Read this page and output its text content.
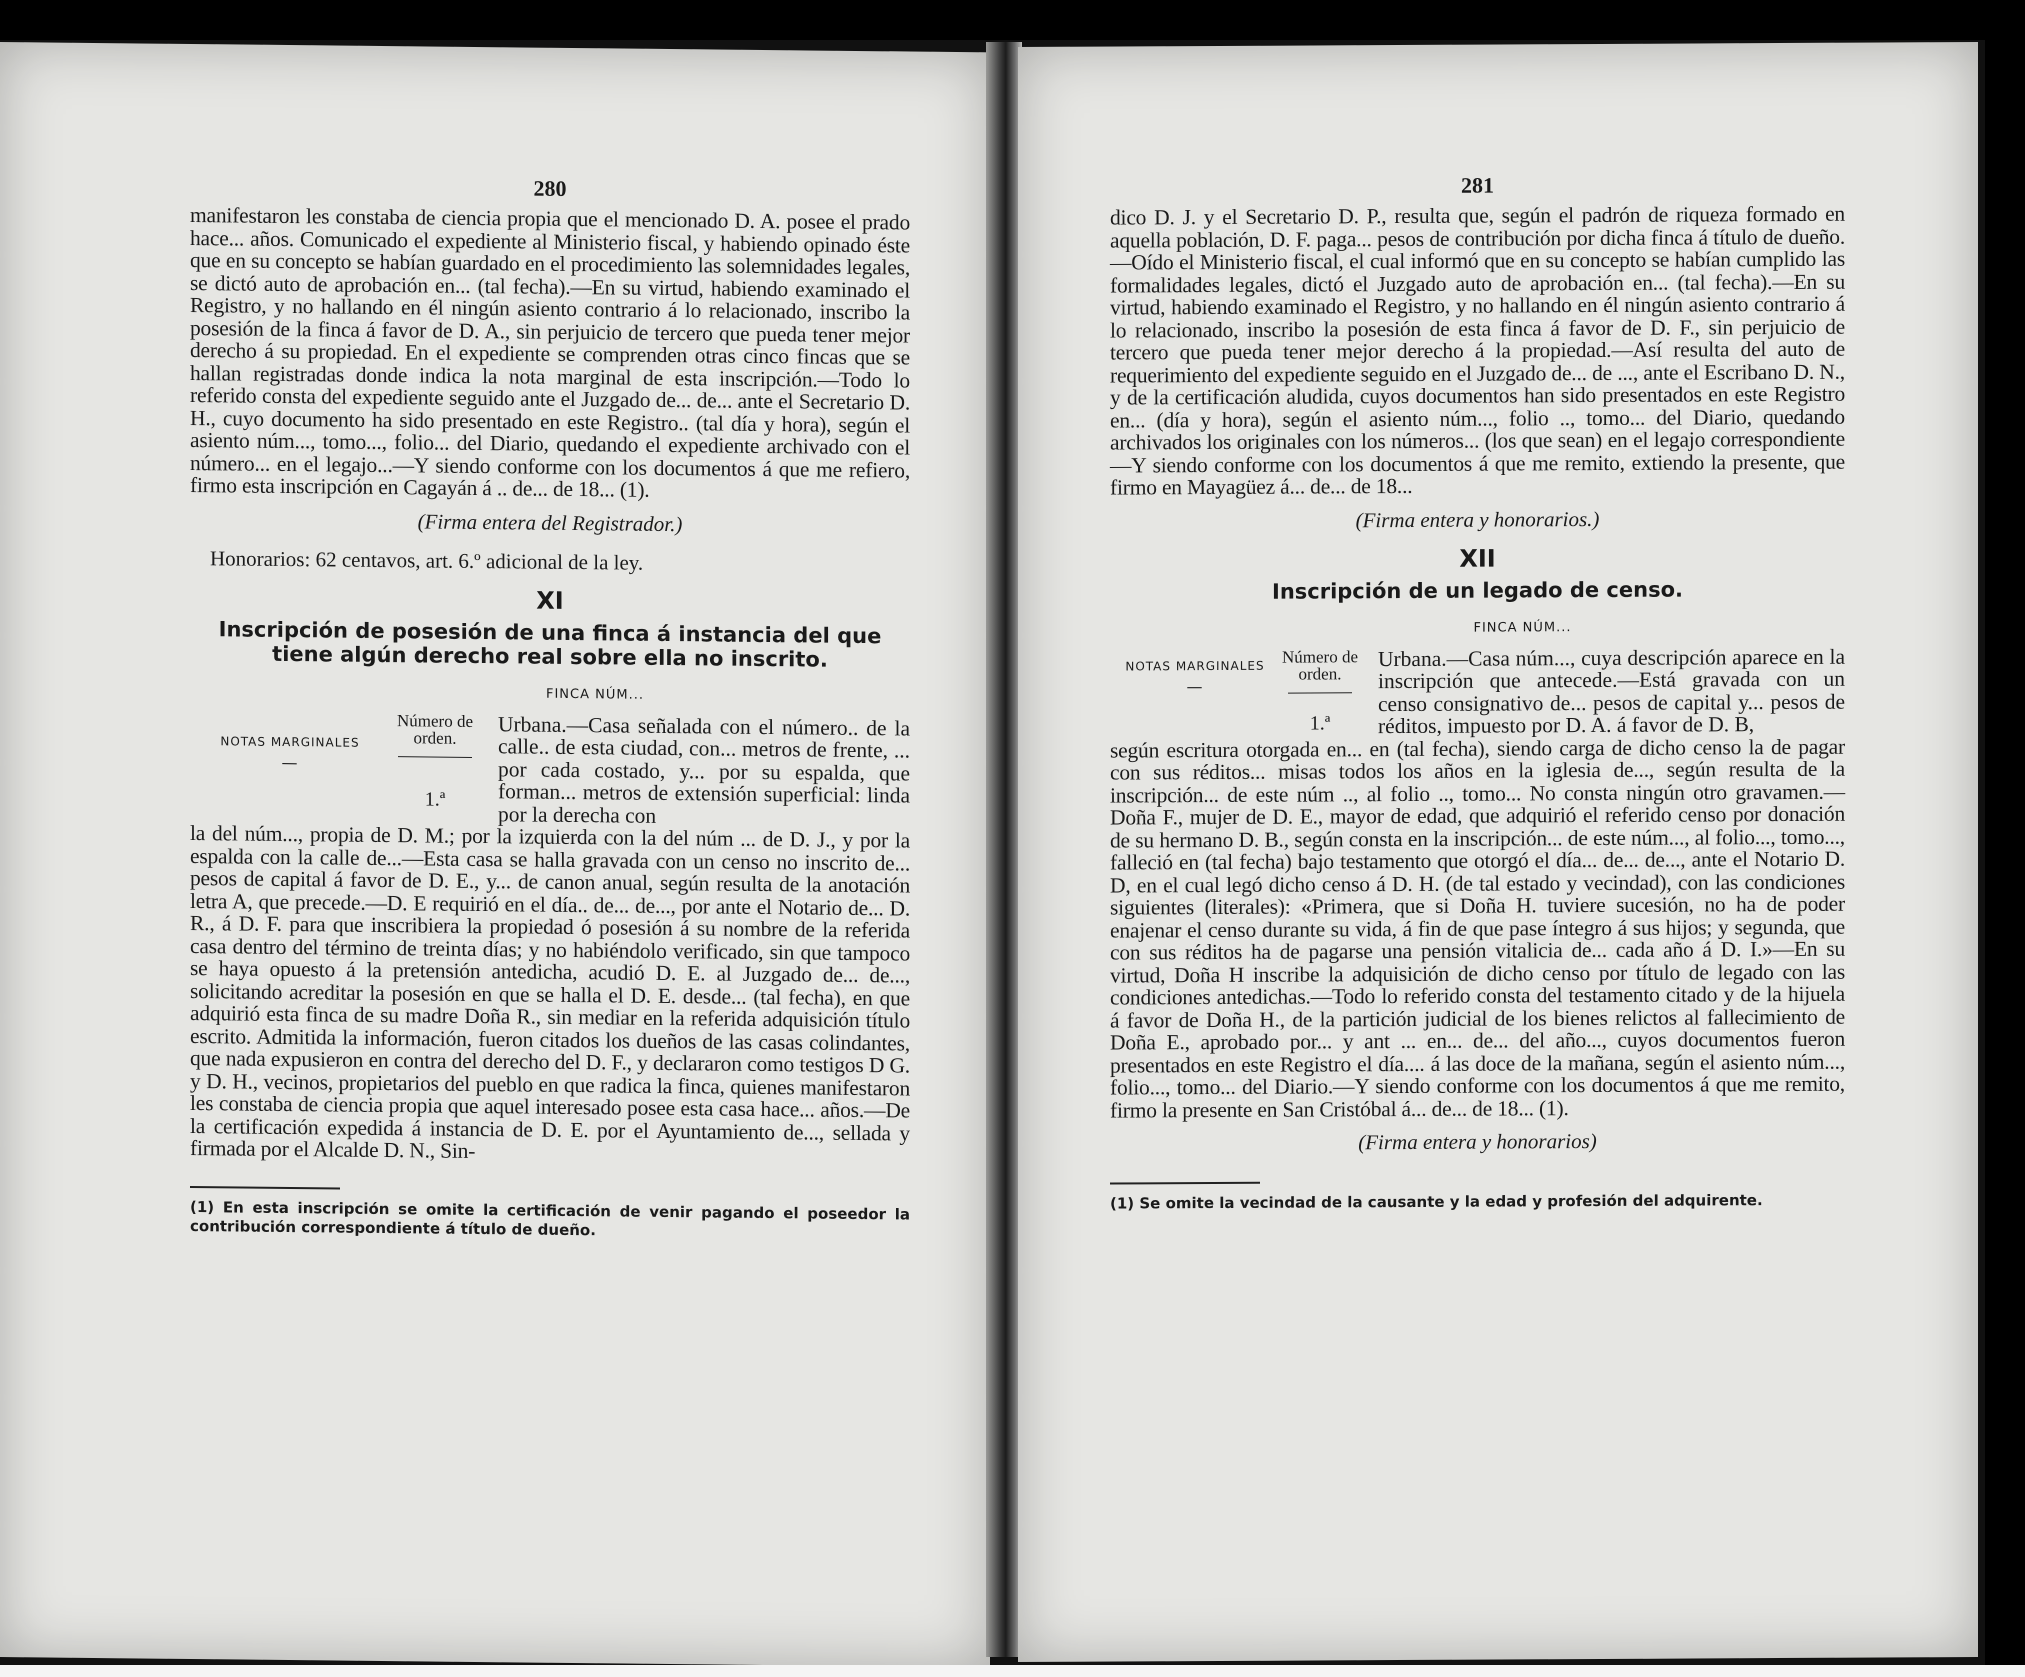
280

manifestaron les constaba de ciencia propia que el mencionado D. A. posee el prado hace... años. Comunicado el expediente al Ministerio fiscal, y habiendo opinado éste que en su concepto se habían guardado en el procedimiento las solemnidades legales, se dictó auto de aprobación en... (tal fecha).—En su virtud, habiendo examinado el Registro, y no hallando en él ningún asiento contrario á lo relacionado, inscribo la posesión de la finca á favor de D. A., sin perjuicio de tercero que pueda tener mejor derecho á su propiedad. En el expediente se comprenden otras cinco fincas que se hallan registradas donde indica la nota marginal de esta inscripción.—Todo lo referido consta del expediente seguido ante el Juzgado de... de... ante el Secretario D. H., cuyo documento ha sido presentado en este Registro.. (tal día y hora), según el asiento núm..., tomo..., folio... del Diario, quedando el expediente archivado con el número... en el legajo...—Y siendo conforme con los documentos á que me refiero, firmo esta inscripción en Cagayán á .. de... de 18... (1).

(Firma entera del Registrador.)
Honorarios: 62 centavos, art. 6.º adicional de la ley.
XI
Inscripción de posesión de una finca á instancia del que tiene algún derecho real sobre ella no inscrito.
FINCA NÚM...
NOTAS MARGINALES
—
Número de orden.
1.ª
Urbana.—Casa señalada con el número.. de la calle.. de esta ciudad, con... metros de frente, ... por cada costado, y... por su espalda, que forman... metros de extensión superficial: linda por la derecha con

la del núm..., propia de D. M.; por la izquierda con la del núm ... de D. J., y por la espalda con la calle de...—Esta casa se halla gravada con un censo no inscrito de... pesos de capital á favor de D. E., y... de canon anual, según resulta de la anotación letra A, que precede.—D. E requirió en el día.. de... de..., por ante el Notario de... D. R., á D. F. para que inscribiera la propiedad ó posesión á su nombre de la referida casa dentro del término de treinta días; y no habiéndolo verificado, sin que tampoco se haya opuesto á la pretensión antedicha, acudió D. E. al Juzgado de... de..., solicitando acreditar la posesión en que se halla el D. E. desde... (tal fecha), en que adquirió esta finca de su madre Doña R., sin mediar en la referida adquisición título escrito. Admitida la información, fueron citados los dueños de las casas colindantes, que nada expusieron en contra del derecho del D. F., y declararon como testigos D G. y D. H., vecinos, propietarios del pueblo en que radica la finca, quienes manifestaron les constaba de ciencia propia que aquel interesado posee esta casa hace... años.—De la certificación expedida á instancia de D. E. por el Ayuntamiento de..., sellada y firmada por el Alcalde D. N., Sin-

(1) En esta inscripción se omite la certificación de venir pagando el poseedor la contribución correspondiente á título de dueño.
281

dico D. J. y el Secretario D. P., resulta que, según el padrón de riqueza formado en aquella población, D. F. paga... pesos de contribución por dicha finca á título de dueño.—Oído el Ministerio fiscal, el cual informó que en su concepto se habían cumplido las formalidades legales, dictó el Juzgado auto de aprobación en... (tal fecha).—En su virtud, habiendo examinado el Registro, y no hallando en él ningún asiento contrario á lo relacionado, inscribo la posesión de esta finca á favor de D. F., sin perjuicio de tercero que pueda tener mejor derecho á la propiedad.—Así resulta del auto de requerimiento del expediente seguido en el Juzgado de... de ..., ante el Escribano D. N., y de la certificación aludida, cuyos documentos han sido presentados en este Registro en... (día y hora), según el asiento núm..., folio .., tomo... del Diario, quedando archivados los originales con los números... (los que sean) en el legajo correspondiente —Y siendo conforme con los documentos á que me remito, extiendo la presente, que firmo en Mayagüez á... de... de 18...

(Firma entera y honorarios.)
XII
Inscripción de un legado de censo.
FINCA NÚM...
NOTAS MARGINALES
—
Número de orden.
1.ª
Urbana.—Casa núm..., cuya descripción aparece en la inscripción que antecede.—Está gravada con un censo consignativo de... pesos de capital y... pesos de réditos, impuesto por D. A. á favor de D. B,

según escritura otorgada en... en (tal fecha), siendo carga de dicho censo la de pagar con sus réditos... misas todos los años en la iglesia de..., según resulta de la inscripción... de este núm .., al folio .., tomo... No consta ningún otro gravamen.—Doña F., mujer de D. E., mayor de edad, que adquirió el referido censo por donación de su hermano D. B., según consta en la inscripción... de este núm..., al folio..., tomo..., falleció en (tal fecha) bajo testamento que otorgó el día... de... de..., ante el Notario D. D, en el cual legó dicho censo á D. H. (de tal estado y vecindad), con las condiciones siguientes (literales): «Primera, que si Doña H. tuviere sucesión, no ha de poder enajenar el censo durante su vida, á fin de que pase íntegro á sus hijos; y segunda, que con sus réditos ha de pagarse una pensión vitalicia de... cada año á D. I.»—En su virtud, Doña H inscribe la adquisición de dicho censo por título de legado con las condiciones antedichas.—Todo lo referido consta del testamento citado y de la hijuela á favor de Doña H., de la partición judicial de los bienes relictos al fallecimiento de Doña E., aprobado por... y ant ... en... de... del año..., cuyos documentos fueron presentados en este Registro el día.... á las doce de la mañana, según el asiento núm..., folio..., tomo... del Diario.—Y siendo conforme con los documentos á que me remito, firmo la presente en San Cristóbal á... de... de 18... (1).

(Firma entera y honorarios)
(1) Se omite la vecindad de la causante y la edad y profesión del adquirente.
